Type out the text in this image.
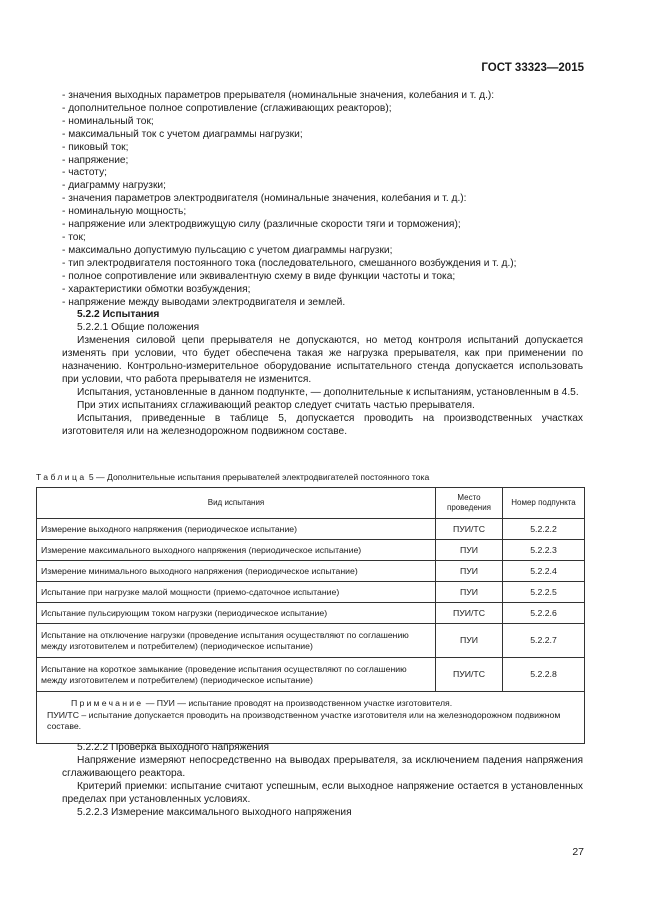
ГОСТ 33323—2015

- значения выходных параметров прерывателя (номинальные значения, колебания и т. д.):

- дополнительное полное сопротивление (сглаживающих реакторов);

- номинальный ток;

- максимальный ток с учетом диаграммы нагрузки;

- пиковый ток;

- напряжение;

- частоту;

- диаграмму нагрузки;

- значения параметров электродвигателя (номинальные значения, колебания и т. д.):

- номинальную мощность;

- напряжение или электродвижущую силу (различные скорости тяги и торможения);

- ток;

- максимально допустимую пульсацию с учетом диаграммы нагрузки;

- тип электродвигателя постоянного тока (последовательного, смешанного возбуждения и т. д.);

- полное сопротивление или эквивалентную схему в виде функции частоты и тока;

- характеристики обмотки возбуждения;

- напряжение между выводами электродвигателя и землей.

5.2.2 Испытания

5.2.2.1 Общие положения

Изменения силовой цепи прерывателя не допускаются, но метод контроля испытаний допускается изменять при условии, что будет обеспечена такая же нагрузка прерывателя, как при применении по назначению. Контрольно-измерительное оборудование испытательного стенда допускается использовать при условии, что работа прерывателя не изменится.

Испытания, установленные в данном подпункте, — дополнительные к испытаниям, установленным в 4.5.

При этих испытаниях сглаживающий реактор следует считать частью прерывателя.

Испытания, приведенные в таблице 5, допускается проводить на производственных участках изготовителя или на железнодорожном подвижном составе.

Таблица 5 — Дополнительные испытания прерывателей электродвигателей постоянного тока
Вид испытания	Место проведения	Номер подпункта
Измерение выходного напряжения (периодическое испытание)	ПУИ/ТС	5.2.2.2
Измерение максимального выходного напряжения (периодическое испытание)	ПУИ	5.2.2.3
Измерение минимального выходного напряжения (периодическое испытание)	ПУИ	5.2.2.4
Испытание при нагрузке малой мощности (приемо-сдаточное испытание)	ПУИ	5.2.2.5
Испытание пульсирующим током нагрузки (периодическое испытание)	ПУИ/ТС	5.2.2.6
Испытание на отключение нагрузки (проведение испытания осуществляют по соглашению между изготовителем и потребителем) (периодическое испытание)	ПУИ	5.2.2.7
Испытание на короткое замыкание (проведение испытания осуществляют по соглашению между изготовителем и потребителем) (периодическое испытание)	ПУИ/ТС	5.2.2.8

Примечание — ПУИ — испытание проводят на производственном участке изготовителя.
ПУИ/ТС – испытание допускается проводить на производственном участке изготовителя или на железнодорожном подвижном составе.		

5.2.2.2 Проверка выходного напряжения

Напряжение измеряют непосредственно на выводах прерывателя, за исключением падения напряжения сглаживающего реактора.

Критерий приемки: испытание считают успешным, если выходное напряжение остается в установленных пределах при установленных условиях.

5.2.2.3 Измерение максимального выходного напряжения

27
